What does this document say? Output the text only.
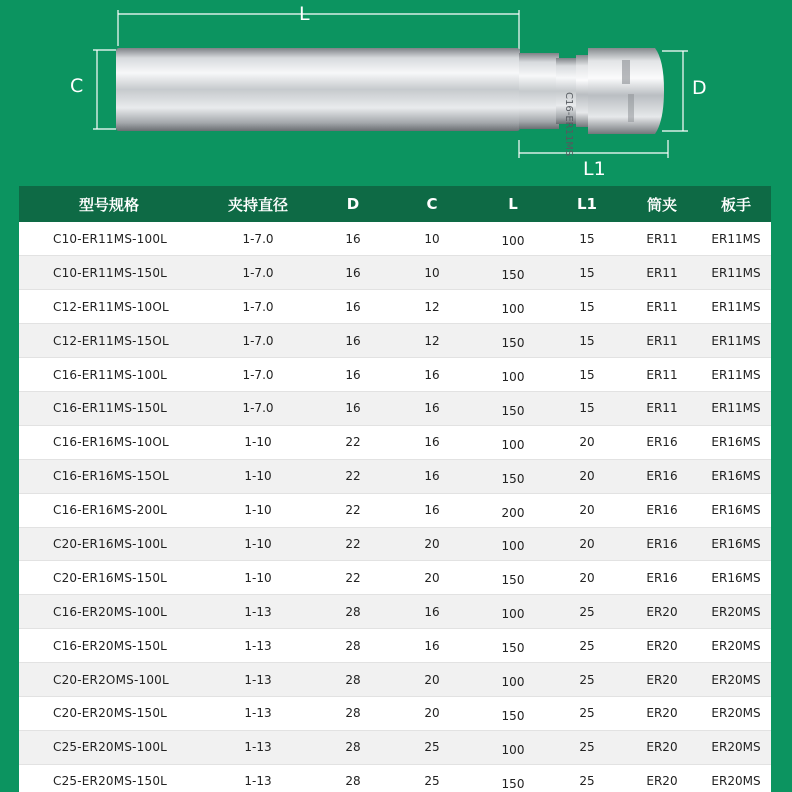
C16-ER11MS
L
C	D
L1
型号规格	夹持直径	D	C	L	L1	筒夹	板手
C10-ER11MS-100L	1-7.0	16	10	100	15	ER11	ER11MS
C10-ER11MS-150L	1-7.0	16	10	150	15	ER11	ER11MS
C12-ER11MS-10OL	1-7.0	16	12	100	15	ER11	ER11MS
C12-ER11MS-15OL	1-7.0	16	12	150	15	ER11	ER11MS
C16-ER11MS-100L	1-7.0	16	16	100	15	ER11	ER11MS
C16-ER11MS-150L	1-7.0	16	16	150	15	ER11	ER11MS
C16-ER16MS-10OL	1-10	22	16	100	20	ER16	ER16MS
C16-ER16MS-15OL	1-10	22	16	150	20	ER16	ER16MS
C16-ER16MS-200L	1-10	22	16	200	20	ER16	ER16MS
C20-ER16MS-100L	1-10	22	20	100	20	ER16	ER16MS
C20-ER16MS-150L	1-10	22	20	150	20	ER16	ER16MS
C16-ER20MS-100L	1-13	28	16	100	25	ER20	ER20MS
C16-ER20MS-150L	1-13	28	16	150	25	ER20	ER20MS
C20-ER2OMS-100L	1-13	28	20	100	25	ER20	ER20MS
C20-ER20MS-150L	1-13	28	20	150	25	ER20	ER20MS
C25-ER20MS-100L	1-13	28	25	100	25	ER20	ER20MS
C25-ER20MS-150L	1-13	28	25	150	25	ER20	ER20MS
